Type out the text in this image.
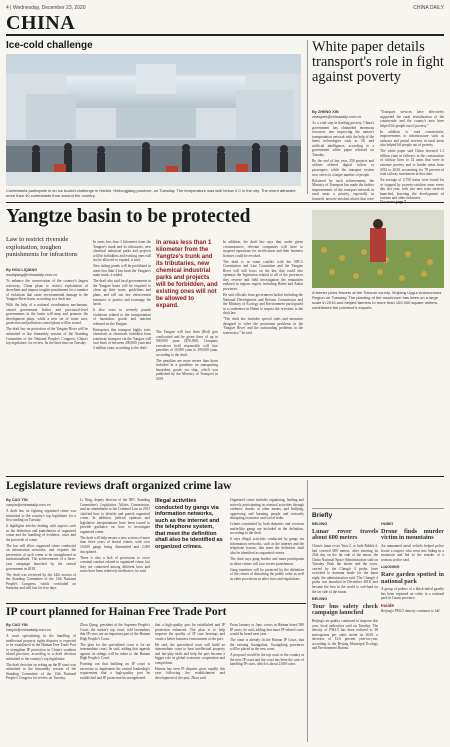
4 | Wednesday, December 23, 2020	CHINA DAILY
CHINA
Ice-cold challenge
Contestants participate in an ice bucket challenge in Harbin, Heilongjiang province, on Tuesday. The temperature was well below 0 C in the city. The event attracted more than 40 contestants from around the country.
White paper details transport's role in fight against poverty
By ZHENG XIN
zhengxin@chinadaily.com.cn

As a vital step in battling poverty, China's government has channeled enormous resources into improving the nation's transportation network with the help of the latest technologies such as 5G and artificial intelligence, according to a government white paper released on Tuesday.

By the end of last year, 258 projects and airlines offered digital tickets to passengers, while the transport system now caters to a larger number of people.

Bolstered by such achievements, the Ministry of Transport has made the further improvements of the transport network in rural areas a priority, especially in formerly poverty-stricken places that were

"Transport services have effectively supported the rural revitalization of the countryside and the county's area have helped lift people out of poverty."

In addition to road construction, improvements to infrastructure such as railways and postal services in rural areas also helped lift people out of poverty.

The white paper said China invested 1.2 trillion yuan in railways in the construction of railway lines to 14 areas that were in extreme poverty and to border areas from 2012 to 2020, accounting for 78 percent of total railway investment in that time.

An average of 5,750 trains were found for or stopped by poverty-stricken areas every day last year, with two new train services launched, boosting the development of tourism and other industries.

A farmer picks flowers at the Toksum county, Xinjiang Uygur Autonomous Region on Tuesday. The planting of the mushroom has been on a large scale in 2015 and helped farmers to more than 100,000 square meters, contributes the province's exports
Yangtze basin to be protected
Law to restrict riverside exploitation, toughen punishments for infractions
By HOU LIQIANG
houliqiang@chinadaily.com.cn

To enhance the conservation of the country's largest waterway, China plans to restrict exploitation of shorelines and impose tougher punishment for a number of violations that cause environmental damage to the Yangtze River basin, according to a draft law.

With the help of a national coordination mechanism, central government bodies and provincial-level governments in the basin will map and promote the development plans, while a new set of water uses, protection and pollution control plans will be issued.

The draft law on protection of the Yangtze River will be submitted to the bimonthly session of the Standing Committee of the National People's Congress, China's top legislature, for review. Its the third time on Tuesday.

In areas less than 1 kilometer from the Yangtze's trunk and its tributaries, new chemical industrial parks and projects will be forbidden, and existing ones will not be allowed to expand, it said.

New tailing ponds will be prohibited in areas less than 3 km from the Yangtze's main trunk, it added.

The draft also said local governments in the Yangtze basin will be required to clean up their water, guidelines and plans, and roll out law enforcement measures to protect and rearrange the basin.

It also vows to severely punish violations related to the transportation of hazardous goods and nutrient released on the Yangtze.

Enterprises that transport highly toxic chemicals or chemicals forbidden from waterway transport via the Yangtze will face fines of between 200,000 yuan and 2 million yuan, according to the draft.

In areas less than 1 kilometer from the Yangtze's trunk and its tributaries, new chemical industrial parks and projects will be forbidden, and existing ones will not be allowed to expand.

The Yangtze will face fines (Red) gets confiscated and be given fines of up to 500,000 yuan ($76,500). Company executives held responsible will face penalties of 10,000 yuan to 200,000 yuan, according to the draft.

The penalties are more severe than those included in a guideline on transporting hazardous goods via ship, which was published by the Ministry of Transport in 2019.

In addition, the draft law says that, under given circumstances, relevant companies will have to suspend operations for rectification and their business licenses could be revoked.

The draft is in some conflict with the NPC's Constitution and Law Committee and the Yangtze River will still focus on the law that could also optimize the legislation related to all of the provinces they reverse and field investigation the remunities endured in regions region, including Hubei and Anhui provinces.

He said officials from government bodies including the National Development and Reform Commission and the Ministry of Ecology and Environment participated in a conference in Hubei to inspect the revisions to the draft law.

"The draft law includes special rules and measures designed to solve the prominent problems in the 'Yangtze River' and the outstanding problems in the waterways," he said.

Legislature reviews draft organized crime law
By CAO YIN
caoyin@chinadaily.com.cn

A draft law on fighting organized crime was submitted to the country's top legislature for a first reading on Tuesday.

It highlights articles dealing with aspects such as the definition and punishment of organized crime and the handling of evidence, cases and the proceeds of crime.

The law will allow organized crime conducted on information networks, and requires the prevention of such crime to be strengthened in institutionalized. The achievements of a three-year campaign launched by the central government in 2018.

The draft was reviewed by the 24th session of the Standing Committee of the 13th National People's Congress, which concluded on Saturday and will last for five days.

Li Ning, deputy director of the NPC Standing Committee's Legislative Affairs Commission, said an amendment to the Criminal Law in 2011 clarified how to identify and punish organized crime. In addition, judicial opinions and legislative interpretations have been issued to provide guidance on how to investigate organized crime.

The draft will help ensure a new system of more than three years of lawful crimes, with over 10,000 gangs being dismantled and 2,000 disciplined.

There is also a lack of provisions to cover criminal conduct related to organized crime, but they are connected among different laws and some have been relatively ineffective, he said.

Illegal activities conducted by gangs via information networks, such as the internet and the telephone system, that meet the definition shall also be identified as organized crimes.

Organized crime includes organizing, leading and actively participating in criminal activities through violence, threats or other means, and bullying, oppressing and harming people and seriously disrupting economic and social order.

Crimes committed by both domestic and overseas mafia-like gangs are included in the definition, according to the draft.

It says illegal activities conducted by gangs via information networks, such as the internet and the telephone system, that meet the definition shall also be identified as organized crimes.

The draft says gang leaders and main participants in those crimes will face severe punishment.

Gang members will be protected by the definition of the crimes of disturbing the public order as well as other provisions in other laws and regulations.

IP court planned for Hainan Free Trade Port
By CAO YIN
caoyin@chinadaily.com.cn

A court specializing in the handling of intellectual property rights disputes is expected to be established in the Hainan Free Trade Port to strengthen IP protection in China's southern island province, according to a draft decision submitted to the country's top legislature.

The draft decision on setting up the IP court was submitted to the bimonthly session of the Standing Committee of the 13th National People's Congress for review on Tuesday.

Zhou Qiang, president of the Supreme People's Court, the nation's top court, told lawmakers that IP cases are an important part of the Hainan High People's Court.

The plan for the specialized court is for an intermediate court, he said, adding that appeals against its rulings will be taken to the Hainan High People's Court.

Pointing out that building an IP court is necessary to implement the central leadership's requirement that a high-quality port be established and IP protection be strengthened.

that a high-quality port be established and IP protection enhanced. The plan is to help improve the quality of IP case hearings and create a better business environment at the port.

He said, the specialized court will build an intermediate court to hear intellectual property and fair-play trials and help the port become a bigger role in global economic cooperation and competition.

Hainan has seen IP disputes grow rapidly this year following the establishment and development of the port, Zhou said.

From January to June, courts in Hainan heard 580 IP cases, he said, adding that more IP-related cases would be heard next year.

The court is already fit the Hainan IP Court, that the existing Guangzhou, Guangdong provinces will be placed in the new court.

A proposal would be the top court in the country at the new IP court and the court has been the case of handling IP cases, which is about 2,000 cases.

Briefly
BEIJING
Lunar rover travels about 600 meters

China's lunar rover Yutu-2, or Jade Rabbit-2, had covered 600 meters, after entering its 25th day on the far side of the moon, the China National Space Administration said on Tuesday. Both the lander and the rover, carried by the Chang'e 4 probe, have switched to dormant mode for the lunar night, the administration said. The Chang'e 4 probe was launched in December 2018, and became the first in the world to soft-land on the far side of the moon.

BEIJING
Tour bus safety check campaign launched

Beijing's air quality continued to improve this year, local authorities said on Tuesday. The density of PM2.5 has been reduced to 38 micrograms per cubic meter in 2020, a decrease of 12.6 percent year-on-year, according to the Beijing Municipal Ecology and Environment Bureau.

HUBEI
Drone finds murder victim in mountains

An unmanned aerial vehicle helped police locate a suspect who went into hiding in a mountain and led to the murder of a woman, police said.

LIAONING
Rare garden spotted in national park

A group of pokers of a black-tailed gazelle has been captured on video in a national park in Gansu province.

Inside

Beijing's PM2.5 density continues to fall
